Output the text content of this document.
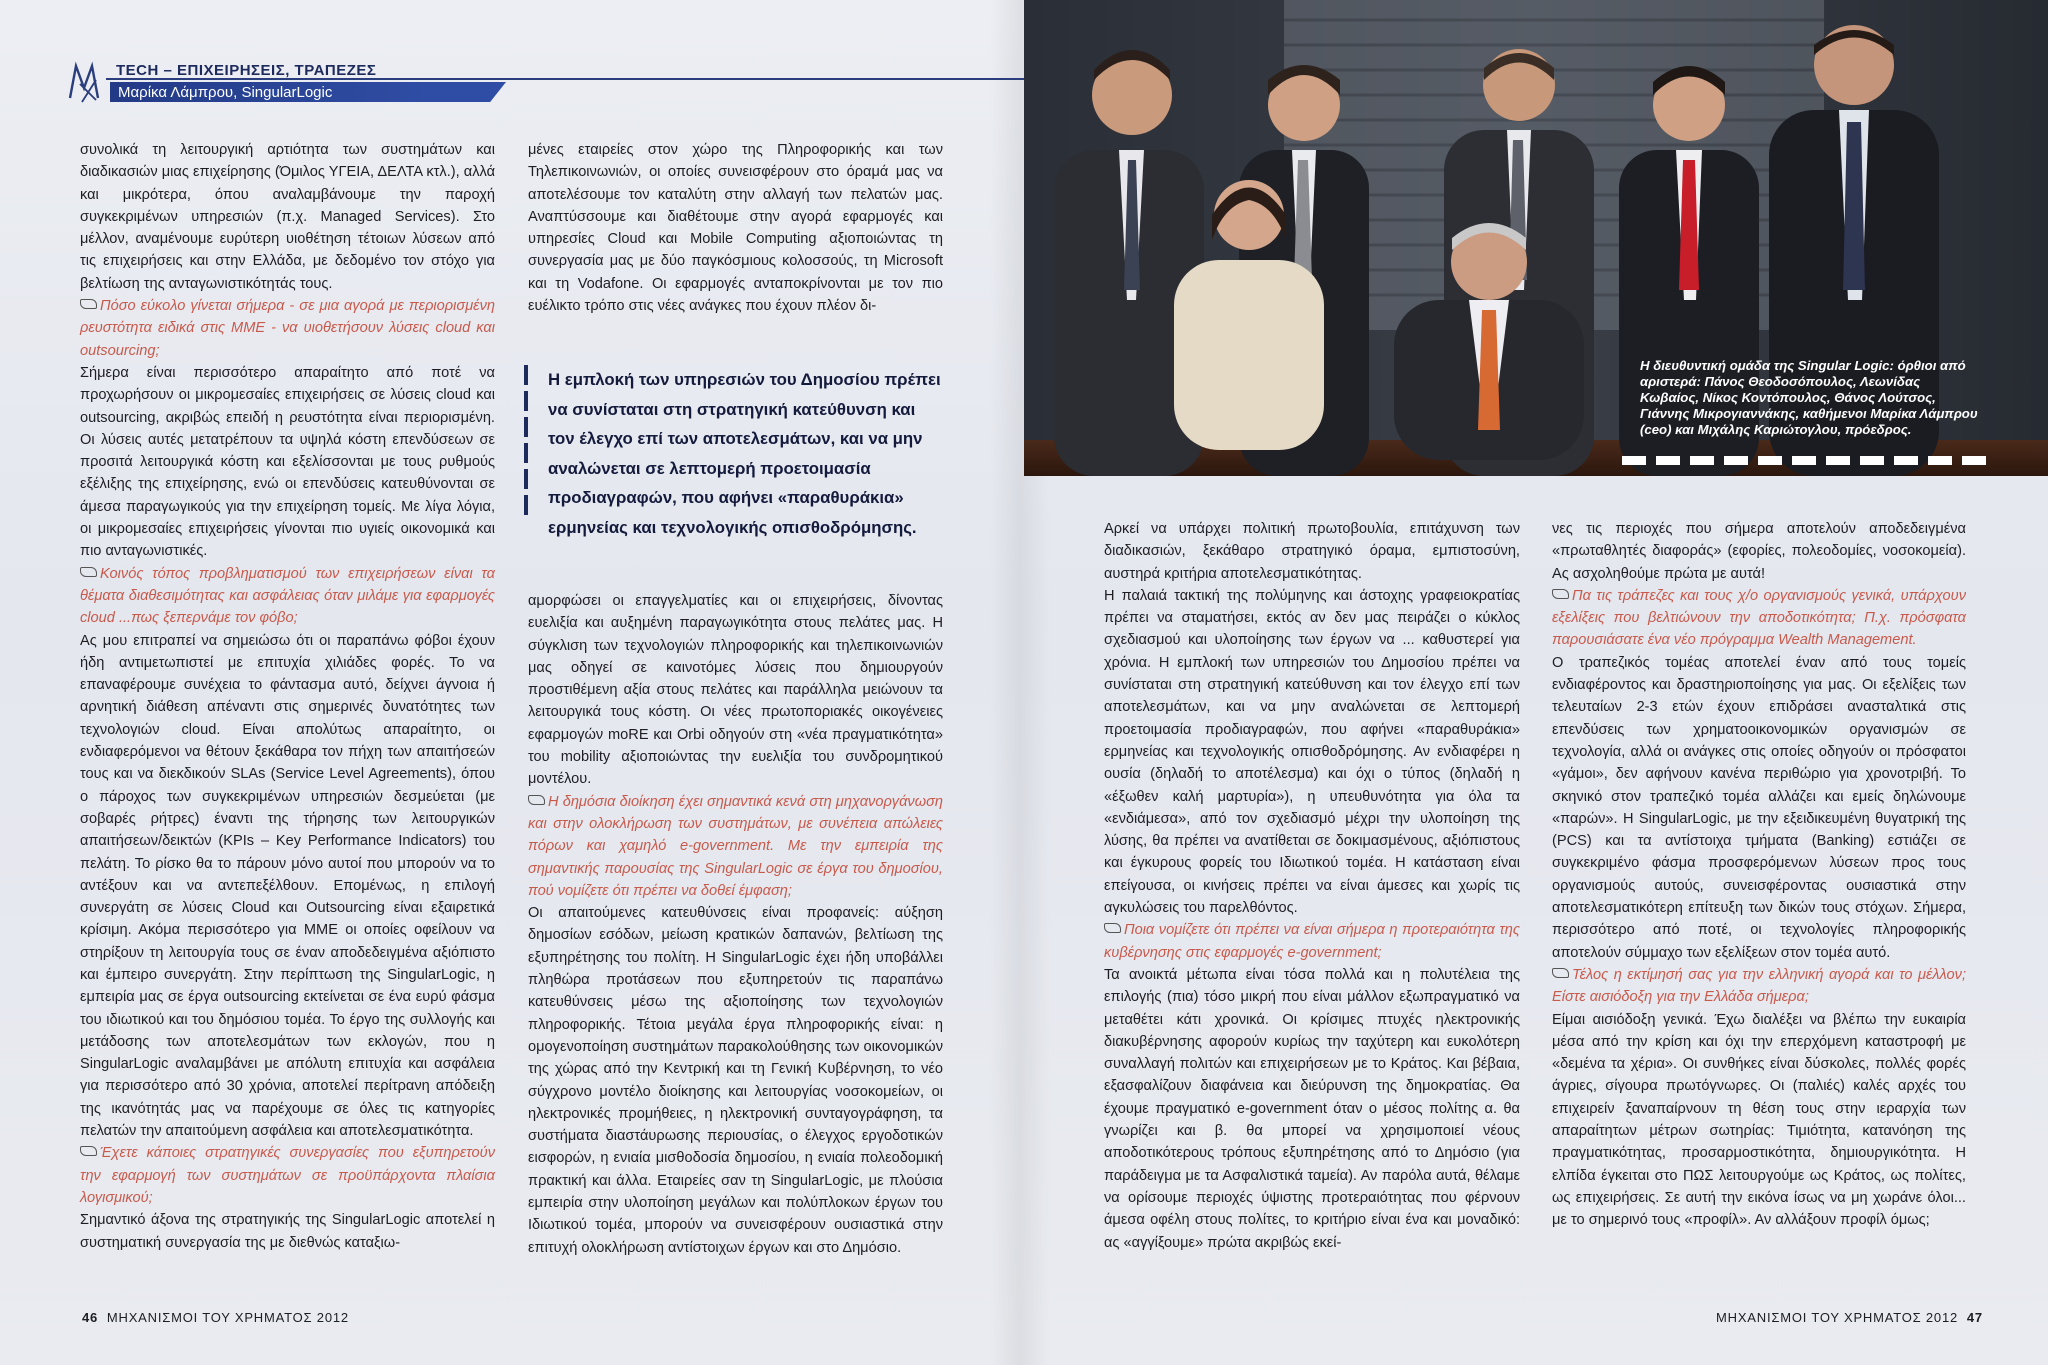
TECH – ΕΠΙΧΕΙΡΗΣΕΙΣ, ΤΡΑΠΕΖΕΣ
Μαρίκα Λάμπρου, SingularLogic

συνολικά τη λειτουργική αρτιότητα των συστημάτων και διαδικασιών μιας επιχείρησης (Όμιλος ΥΓΕΙΑ, ΔΕΛΤΑ κτλ.), αλλά και μικρότερα, όπου αναλαμβάνουμε την παροχή συγκεκριμένων υπηρεσιών (π.χ. Managed Services). Στο μέλλον, αναμένουμε ευρύτερη υιοθέτηση τέτοιων λύσεων από τις επιχειρήσεις και στην Ελλάδα, με δεδομένο τον στόχο για βελτίωση της ανταγωνιστικότητάς τους.

Πόσο εύκολο γίνεται σήμερα - σε μια αγορά με περιορισμένη ρευστότητα ειδικά στις ΜΜΕ - να υιοθετήσουν λύσεις cloud και outsourcing;

Σήμερα είναι περισσότερο απαραίτητο από ποτέ να προχωρήσουν οι μικρομεσαίες επιχειρήσεις σε λύσεις cloud και outsourcing, ακριβώς επειδή η ρευστότητα είναι περιορισμένη. Οι λύσεις αυτές μετατρέπουν τα υψηλά κόστη επενδύσεων σε προσιτά λειτουργικά κόστη και εξελίσσονται με τους ρυθμούς εξέλιξης της επιχείρησης, ενώ οι επενδύσεις κατευθύνονται σε άμεσα παραγωγικούς για την επιχείρηση τομείς. Με λίγα λόγια, οι μικρομεσαίες επιχειρήσεις γίνονται πιο υγιείς οικονομικά και πιο ανταγωνιστικές.

Κοινός τόπος προβληματισμού των επιχειρήσεων είναι τα θέματα διαθεσιμότητας και ασφάλειας όταν μιλάμε για εφαρμογές cloud ...πως ξεπερνάμε τον φόβο;

Ας μου επιτραπεί να σημειώσω ότι οι παραπάνω φόβοι έχουν ήδη αντιμετωπιστεί με επιτυχία χιλιάδες φορές. Το να επαναφέρουμε συνέχεια το φάντασμα αυτό, δείχνει άγνοια ή αρνητική διάθεση απέναντι στις σημερινές δυνατότητες των τεχνολογιών cloud. Είναι απολύτως απαραίτητο, οι ενδιαφερόμενοι να θέτουν ξεκάθαρα τον πήχη των απαιτήσεών τους και να διεκδικούν SLAs (Service Level Agreements), όπου ο πάροχος των συγκεκριμένων υπηρεσιών δεσμεύεται (με σοβαρές ρήτρες) έναντι της τήρησης των λειτουργικών απαιτήσεων/δεικτών (KPIs – Key Performance Indicators) του πελάτη. Το ρίσκο θα το πάρουν μόνο αυτοί που μπορούν να το αντέξουν και να αντεπεξέλθουν. Επομένως, η επιλογή συνεργάτη σε λύσεις Cloud και Outsourcing είναι εξαιρετικά κρίσιμη. Ακόμα περισσότερο για ΜΜΕ οι οποίες οφείλουν να στηρίξουν τη λειτουργία τους σε έναν αποδεδειγμένα αξιόπιστο και έμπειρο συνεργάτη. Στην περίπτωση της SingularLogic, η εμπειρία μας σε έργα outsourcing εκτείνεται σε ένα ευρύ φάσμα του ιδιωτικού και του δημόσιου τομέα. Το έργο της συλλογής και μετάδοσης των αποτελεσμάτων των εκλογών, που η SingularLogic αναλαμβάνει με απόλυτη επιτυχία και ασφάλεια για περισσότερο από 30 χρόνια, αποτελεί περίτρανη απόδειξη της ικανότητάς μας να παρέχουμε σε όλες τις κατηγορίες πελατών την απαιτούμενη ασφάλεια και αποτελεσματικότητα.

Έχετε κάποιες στρατηγικές συνεργασίες που εξυπηρετούν την εφαρμογή των συστημάτων σε προϋπάρχοντα πλαίσια λογισμικού;

Σημαντικό άξονα της στρατηγικής της SingularLogic αποτελεί η συστηματική συνεργασία της με διεθνώς καταξιω-

μένες εταιρείες στον χώρο της Πληροφορικής και των Τηλεπικοινωνιών, οι οποίες συνεισφέρουν στο όραμά μας να αποτελέσουμε τον καταλύτη στην αλλαγή των πελατών μας. Αναπτύσσουμε και διαθέτουμε στην αγορά εφαρμογές και υπηρεσίες Cloud και Mobile Computing αξιοποιώντας τη συνεργασία μας με δύο παγκόσμιους κολοσσούς, τη Microsoft και τη Vodafone. Οι εφαρμογές ανταποκρίνονται με τον πιο ευέλικτο τρόπο στις νέες ανάγκες που έχουν πλέον δι-

Η εμπλοκή των υπηρεσιών του Δημοσίου πρέπει να συνίσταται στη στρατηγική κατεύθυνση και τον έλεγχο επί των αποτελεσμάτων, και να μην αναλώνεται σε λεπτομερή προετοιμασία προδιαγραφών, που αφήνει «παραθυράκια» ερμηνείας και τεχνολογικής οπισθοδρόμησης.

αμορφώσει οι επαγγελματίες και οι επιχειρήσεις, δίνοντας ευελιξία και αυξημένη παραγωγικότητα στους πελάτες μας. Η σύγκλιση των τεχνολογιών πληροφορικής και τηλεπικοινωνιών μας οδηγεί σε καινοτόμες λύσεις που δημιουργούν προστιθέμενη αξία στους πελάτες και παράλληλα μειώνουν τα λειτουργικά τους κόστη. Οι νέες πρωτοποριακές οικογένειες εφαρμογών moRE και Orbi οδηγούν στη «νέα πραγματικότητα» του mobility αξιοποιώντας την ευελιξία του συνδρομητικού μοντέλου.

Η δημόσια διοίκηση έχει σημαντικά κενά στη μηχανοργάνωση και στην ολοκλήρωση των συστημάτων, με συνέπεια απώλειες πόρων και χαμηλό e-government. Με την εμπειρία της σημαντικής παρουσίας της SingularLogic σε έργα του δημοσίου, πού νομίζετε ότι πρέπει να δοθεί έμφαση;

Οι απαιτούμενες κατευθύνσεις είναι προφανείς: αύξηση δημοσίων εσόδων, μείωση κρατικών δαπανών, βελτίωση της εξυπηρέτησης του πολίτη. Η SingularLogic έχει ήδη υποβάλλει πληθώρα προτάσεων που εξυπηρετούν τις παραπάνω κατευθύνσεις μέσω της αξιοποίησης των τεχνολογιών πληροφορικής. Τέτοια μεγάλα έργα πληροφορικής είναι: η ομογενοποίηση συστημάτων παρακολούθησης των οικονομικών της χώρας από την Κεντρική και τη Γενική Κυβέρνηση, το νέο σύγχρονο μοντέλο διοίκησης και λειτουργίας νοσοκομείων, οι ηλεκτρονικές προμήθειες, η ηλεκτρονική συνταγογράφηση, τα συστήματα διαστάυρωσης περιουσίας, ο έλεγχος εργοδοτικών εισφορών, η ενιαία μισθοδοσία δημοσίου, η ενιαία πολεοδομική πρακτική και άλλα. Εταιρείες σαν τη SingularLogic, με πλούσια εμπειρία στην υλοποίηση μεγάλων και πολύπλοκων έργων του Ιδιωτικού τομέα, μπορούν να συνεισφέρουν ουσιαστικά στην επιτυχή ολοκλήρωση αντίστοιχων έργων και στο Δημόσιο.

Η διευθυντική ομάδα της Singular Logic: όρθιοι από αριστερά: Πάνος Θεοδοσόπουλος, Λεωνίδας Κωβαίος, Νίκος Κοντόπουλος, Θάνος Λούτσος, Γιάννης Μικρογιαννάκης, καθήμενοι Μαρίκα Λάμπρου (ceo) και Μιχάλης Καριώτογλου, πρόεδρος.

Αρκεί να υπάρχει πολιτική πρωτοβουλία, επιτάχυνση των διαδικασιών, ξεκάθαρο στρατηγικό όραμα, εμπιστοσύνη, αυστηρά κριτήρια αποτελεσματικότητας.

Η παλαιά τακτική της πολύμηνης και άστοχης γραφειοκρατίας πρέπει να σταματήσει, εκτός αν δεν μας πειράζει ο κύκλος σχεδιασμού και υλοποίησης των έργων να ... καθυστερεί για χρόνια. Η εμπλοκή των υπηρεσιών του Δημοσίου πρέπει να συνίσταται στη στρατηγική κατεύθυνση και τον έλεγχο επί των αποτελεσμάτων, και να μην αναλώνεται σε λεπτομερή προετοιμασία προδιαγραφών, που αφήνει «παραθυράκια» ερμηνείας και τεχνολογικής οπισθοδρόμησης. Αν ενδιαφέρει η ουσία (δηλαδή το αποτέλεσμα) και όχι ο τύπος (δηλαδή η «έξωθεν καλή μαρτυρία»), η υπευθυνότητα για όλα τα «ενδιάμεσα», από τον σχεδιασμό μέχρι την υλοποίηση της λύσης, θα πρέπει να ανατίθεται σε δοκιμασμένους, αξιόπιστους και έγκυρους φορείς του Ιδιωτικού τομέα. Η κατάσταση είναι επείγουσα, οι κινήσεις πρέπει να είναι άμεσες και χωρίς τις αγκυλώσεις του παρελθόντος.

Ποια νομίζετε ότι πρέπει να είναι σήμερα η προτεραιότητα της κυβέρνησης στις εφαρμογές e-government;

Τα ανοικτά μέτωπα είναι τόσα πολλά και η πολυτέλεια της επιλογής (πια) τόσο μικρή που είναι μάλλον εξωπραγματικό να μεταθέτει κάτι χρονικά. Οι κρίσιμες πτυχές ηλεκτρονικής διακυβέρνησης αφορούν κυρίως την ταχύτερη και ευκολότερη συναλλαγή πολιτών και επιχειρήσεων με το Κράτος. Και βέβαια, εξασφαλίζουν διαφάνεια και διεύρυνση της δημοκρατίας. Θα έχουμε πραγματικό e-government όταν ο μέσος πολίτης α. θα γνωρίζει και β. θα μπορεί να χρησιμοποιεί νέους αποδοτικότερους τρόπους εξυπηρέτησης από το Δημόσιο (για παράδειγμα με τα Ασφαλιστικά ταμεία). Αν παρόλα αυτά, θέλαμε να ορίσουμε περιοχές ύψιστης προτεραιότητας που φέρνουν άμεσα οφέλη στους πολίτες, το κριτήριο είναι ένα και μοναδικό: ας «αγγίξουμε» πρώτα ακριβώς εκεί-

νες τις περιοχές που σήμερα αποτελούν αποδεδειγμένα «πρωταθλητές διαφοράς» (εφορίες, πολεοδομίες, νοσοκομεία). Ας ασχοληθούμε πρώτα με αυτά!

Πα τις τράπεζες και τους χ/ο οργανισμούς γενικά, υπάρχουν εξελίξεις που βελτιώνουν την αποδοτικότητα; Π.χ. πρόσφατα παρουσιάσατε ένα νέο πρόγραμμα Wealth Management.

Ο τραπεζικός τομέας αποτελεί έναν από τους τομείς ενδιαφέροντος και δραστηριοποίησης για μας. Οι εξελίξεις των τελευταίων 2-3 ετών έχουν επιδράσει ανασταλτικά στις επενδύσεις των χρηματοοικονομικών οργανισμών σε τεχνολογία, αλλά οι ανάγκες στις οποίες οδηγούν οι πρόσφατοι «γάμοι», δεν αφήνουν κανένα περιθώριο για χρονοτριβή. Το σκηνικό στον τραπεζικό τομέα αλλάζει και εμείς δηλώνουμε «παρών». Η SingularLogic, με την εξειδικευμένη θυγατρική της (PCS) και τα αντίστοιχα τμήματα (Banking) εστιάζει σε συγκεκριμένο φάσμα προσφερόμενων λύσεων προς τους οργανισμούς αυτούς, συνεισφέροντας ουσιαστικά στην αποτελεσματικότερη επίτευξη των δικών τους στόχων. Σήμερα, περισσότερο από ποτέ, οι τεχνολογίες πληροφορικής αποτελούν σύμμαχο των εξελίξεων στον τομέα αυτό.

Τέλος η εκτίμησή σας για την ελληνική αγορά και το μέλλον; Είστε αισιόδοξη για την Ελλάδα σήμερα;

Είμαι αισιόδοξη γενικά. Έχω διαλέξει να βλέπω την ευκαιρία μέσα από την κρίση και όχι την επερχόμενη καταστροφή με «δεμένα τα χέρια». Οι συνθήκες είναι δύσκολες, πολλές φορές άγριες, σίγουρα πρωτόγνωρες. Οι (παλιές) καλές αρχές του επιχειρείν ξαναπαίρνουν τη θέση τους στην ιεραρχία των απαραίτητων μέτρων σωτηρίας: Τιμιότητα, κατανόηση της πραγματικότητας, προσαρμοστικότητα, δημιουργικότητα. Η ελπίδα έγκειται στο ΠΩΣ λειτουργούμε ως Κράτος, ως πολίτες, ως επιχειρήσεις. Σε αυτή την εικόνα ίσως να μη χωράνε όλοι... με το σημερινό τους «προφίλ». Αν αλλάξουν προφίλ όμως;

46 ΜΗΧΑΝΙΣΜΟΙ ΤΟΥ ΧΡΗΜΑΤΟΣ 2012	ΜΗΧΑΝΙΣΜΟΙ ΤΟΥ ΧΡΗΜΑΤΟΣ 2012 47
